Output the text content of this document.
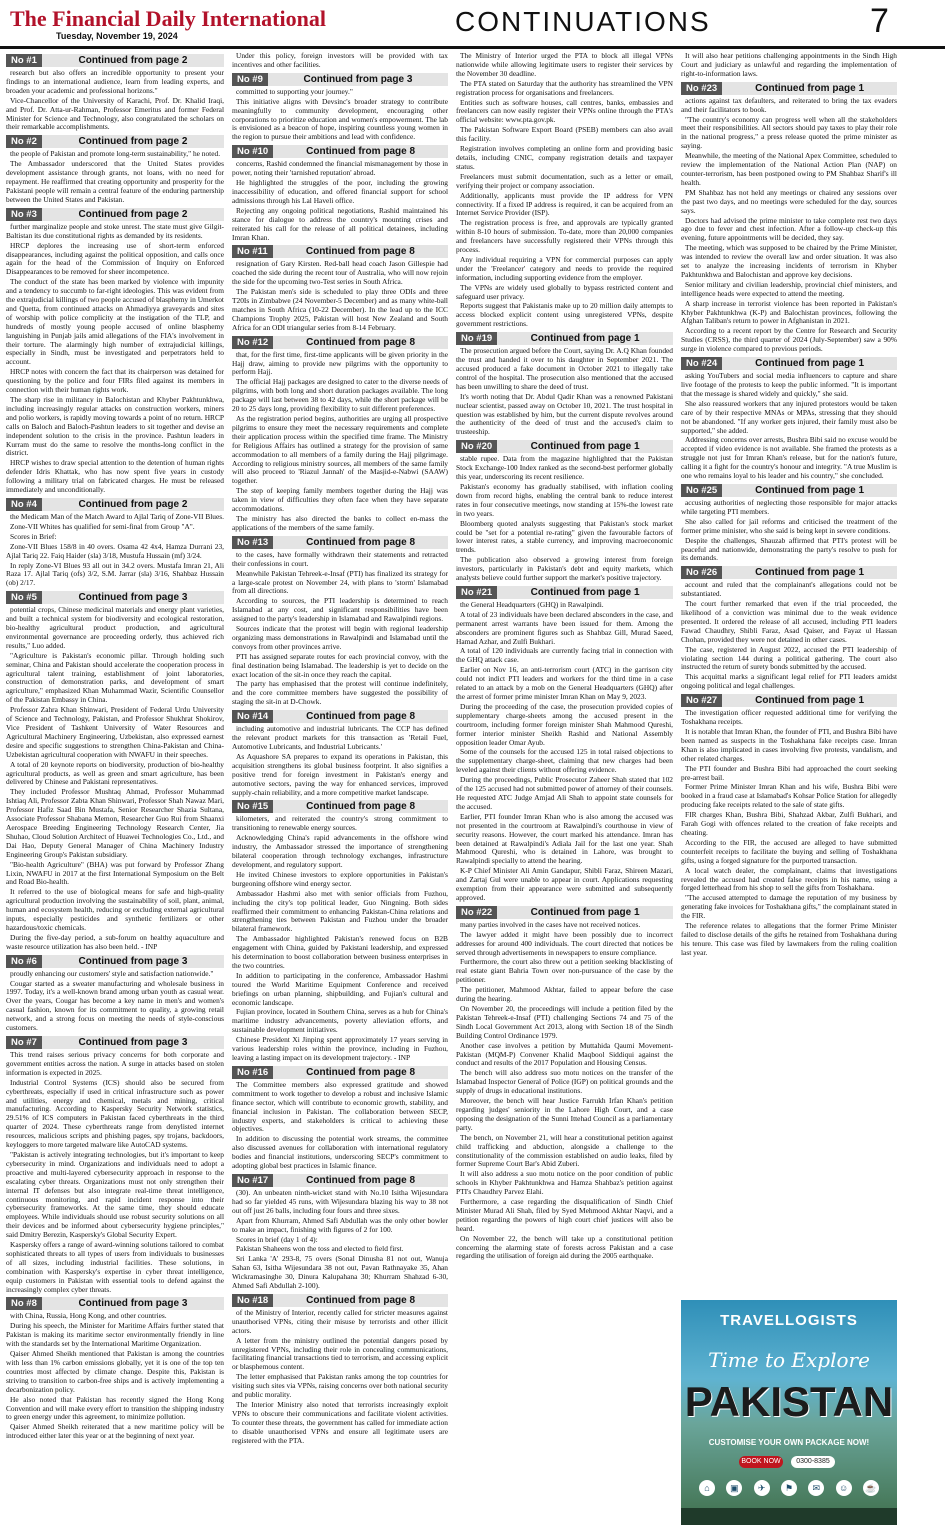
The Financial Daily International
Tuesday, November 19, 2024	CONTINUATIONS	7
No #1	Continued from page 2

research but also offers an incredible opportunity to present your findings to an international audience, learn from leading experts, and broaden your academic and professional horizons."

Vice-Chancellor of the University of Karachi, Prof. Dr. Khalid Iraqi, and Prof. Dr. Atta-ur-Rahman, Professor Emeritus and former Federal Minister for Science and Technology, also congratulated the scholars on their remarkable accomplishments.

No #2	Continued from page 2

the people of Pakistan and promote long-term sustainability," he noted.

The Ambassador underscored that the United States provides development assistance through grants, not loans, with no need for repayment. He reaffirmed that creating opportunity and prosperity for the Pakistani people will remain a central feature of the enduring partnership between the United States and Pakistan.

No #3	Continued from page 2

further marginalize people and stoke unrest. The state must give Gilgit-Baltistan its due constitutional rights as demanded by its residents.

HRCP deplores the increasing use of short-term enforced disappearances, including against the political opposition, and calls once again for the head of the Commission of Inquiry on Enforced Disappearances to be removed for sheer incompetence.

The conduct of the state has been marked by violence with impunity and a tendency to succumb to far-right ideologies. This was evident from the extrajudicial killings of two people accused of blasphemy in Umerkot and Quetta, from continued attacks on Ahmadiyya graveyards and sites of worship with police complicity at the instigation of the TLP, and hundreds of mostly young people accused of online blasphemy languishing in Punjab jails amid allegations of the FIA's involvement in their torture. The alarmingly high number of extrajudicial killings, especially in Sindh, must be investigated and perpetrators held to account.

HRCP notes with concern the fact that its chairperson was detained for questioning by the police and four FIRs filed against its members in connection with their human rights work.

The sharp rise in militancy in Balochistan and Khyber Pakhtunkhwa, including increasingly regular attacks on construction workers, miners and polio workers, is rapidly moving towards a point of no return. HRCP calls on Baloch and Baloch-Pashtun leaders to sit together and devise an independent solution to the crisis in the province. Pashtun leaders in Kurram must do the same to resolve the months-long conflict in the district.

HRCP wishes to draw special attention to the detention of human rights defender Idris Khattak, who has now spent five years in custody following a military trial on fabricated charges. He must be released immediately and unconditionally.

No #4	Continued from page 2

the Medicam Man of the Match Award to Ajlal Tariq of Zone-VII Blues.

Zone-VII Whites has qualified for semi-final from Group "A".

Scores in Brief:

Zone-VII Blues 158/8 in 40 overs. Osama 42 4x4, Hamza Durrani 23, Ajlal Tariq 22. Faiq Haider (sla) 3/18, Mustufa Hussain (mf) 3/24.

In reply Zone-VI Blues 93 all out in 34.2 overs. Mustafa Imran 21, Ali Raza 17. Ajlal Tariq (ofs) 3/2, S.M. Jarrar (sla) 3/16, Shahbaz Hussain (ob) 2/17.

No #5	Continued from page 3

potential crops, Chinese medicinal materials and energy plant varieties, and built a technical system for biodiversity and ecological restoration, bio-healthy agricultural product production, and agricultural environmental governance are proceeding orderly, thus achieved rich results," Luo added.

"Agriculture is Pakistan's economic pillar. Through holding such seminar, China and Pakistan should accelerate the cooperation process in agricultural talent training, establishment of joint laboratories, construction of demonstration parks, and development of smart agriculture," emphasized Khan Muhammad Wazir, Scientific Counsellor of the Pakistan Embassy in China.

Professor Zahra Khan Shinwari, President of Federal Urdu University of Science and Technology, Pakistan, and Professor Shukhrat Shokirov, Vice President of Tashkent University of Water Resources and Agricultural Machinery Engineering, Uzbekistan, also expressed earnest desire and specific suggestions to strengthen China-Pakistan and China-Uzbekistan agricultural cooperation with NWAFU in their speeches.

A total of 20 keynote reports on biodiversity, production of bio-healthy agricultural products, as well as green and smart agriculture, has been delivered by Chinese and Pakistani representatives.

They included Professor Mushtaq Ahmad, Professor Muhammad Ishtiaq Ali, Professor Zabta Khan Shinwari, Professor Shah Nawaz Mari, Professor Hafiz Saad Bin Mustafa, Senior Researcher Shazia Sultana, Associate Professor Shabana Memon, Researcher Guo Rui from Shaanxi Aerospace Breeding Engineering Technology Research Center, Jia Shuhao, Cloud Solution Architect of Huawei Technologies Co., Ltd., and Dai Hao, Deputy General Manager of China Machinery Industry Engineering Group's Pakistan subsidiary.

"Bio-health Agriculture" (BHA) was put forward by Professor Zhang Lixin, NWAFU in 2017 at the first International Symposium on the Belt and Road Bio-health.

It referred to the use of biological means for safe and high-quality agricultural production involving the sustainability of soil, plant, animal, human and ecosystem health, reducing or excluding external agricultural inputs, especially pesticides and synthetic fertilizers or other hazardous/toxic chemicals.

During the five-day period, a sub-forum on healthy aquaculture and waste resource utilization has also been held. - INP

No #6	Continued from page 3

proudly enhancing our customers' style and satisfaction nationwide."

Cougar started as a sweater manufacturing and wholesale business in 1997. Today, it's a well-known brand among urban youth as casual wear. Over the years, Cougar has become a key name in men's and women's casual fashion, known for its commitment to quality, a growing retail network, and a strong focus on meeting the needs of style-conscious customers.

No #7	Continued from page 3

This trend raises serious privacy concerns for both corporate and government entities across the nation. A surge in attacks based on stolen information is expected in 2025.

Industrial Control Systems (ICS) should also be secured from cyberthreats, especially if used in critical infrastructure such as power and utilities, energy and chemical, metals and mining, critical manufacturing. According to Kaspersky Security Network statistics, 29.51% of ICS computers in Pakistan faced cyberthreats in the third quarter of 2024. These cyberthreats range from denylisted internet resources, malicious scripts and phishing pages, spy trojans, backdoors, keyloggers to more targeted malware like AutoCAD systems.

"Pakistan is actively integrating technologies, but it's important to keep cybersecurity in mind. Organizations and individuals need to adopt a proactive and multi-layered cybersecurity approach in response to the escalating cyber threats. Organizations must not only strengthen their internal IT defenses but also integrate real-time threat intelligence, continuous monitoring, and rapid incident response into their cybersecurity frameworks. At the same time, they should educate employees. While individuals should use robust security solutions on all their devices and be informed about cybersecurity hygiene principles," said Dmitry Berezin, Kaspersky's Global Security Expert.

Kaspersky offers a range of award-winning solutions tailored to combat sophisticated threats to all types of users from individuals to businesses of all sizes, including industrial facilities. These solutions, in combination with Kaspersky's expertise in cyber threat intelligence, equip customers in Pakistan with essential tools to defend against the increasingly complex cyber threats.

No #8	Continued from page 3

with China, Russia, Hong Kong, and other countries.

During his speech, the Minister for Maritime Affairs further stated that Pakistan is making its maritime sector environmentally friendly in line with the standards set by the International Maritime Organization.

Qaiser Ahmed Sheikh mentioned that Pakistan is among the countries with less than 1% carbon emissions globally, yet it is one of the top ten countries most affected by climate change. Despite this, Pakistan is striving to transition to carbon-free ships and is actively implementing a decarbonization policy.

He also noted that Pakistan has recently signed the Hong Kong Convention and will make every effort to transition the shipping industry to green energy under this agreement, to minimize pollution.

Qaiser Ahmed Sheikh reiterated that a new maritime policy will be introduced either later this year or at the beginning of next year.

Under this policy, foreign investors will be provided with tax incentives and other facilities.

No #9	Continued from page 3

committed to supporting your journey."

This initiative aligns with Devsinc's broader strategy to contribute meaningfully to community development, encouraging other corporations to prioritize education and women's empowerment. The lab is envisioned as a beacon of hope, inspiring countless young women in the region to pursue their ambitions and lead with confidence.

No #10	Continued from page 8

concerns, Rashid condemned the financial mismanagement by those in power, noting their 'tarnished reputation' abroad.

He highlighted the struggles of the poor, including the growing inaccessibility of education, and offered financial support for school admissions through his Lal Haveli office.

Rejecting any ongoing political negotiations, Rashid maintained his stance for dialogue to address the country's mounting crises and reiterated his call for the release of all political detainees, including Imran Khan.

No #11	Continued from page 8

resignation of Gary Kirsten. Red-ball head coach Jason Gillespie had coached the side during the recent tour of Australia, who will now rejoin the side for the upcoming two-Test series in South Africa.

The Pakistan men's side is scheduled to play three ODIs and three T20Is in Zimbabwe (24 November-5 December) and as many white-ball matches in South Africa (10-22 December). In the lead up to the ICC Champions Trophy 2025, Pakistan will host New Zealand and South Africa for an ODI triangular series from 8-14 February.

No #12	Continued from page 8

that, for the first time, first-time applicants will be given priority in the Hajj draw, aiming to provide new pilgrims with the opportunity to perform Hajj.

The official Hajj packages are designed to cater to the diverse needs of pilgrims, with both long and short duration packages available. The long package will last between 38 to 42 days, while the short package will be 20 to 25 days long, providing flexibility to suit different preferences.

As the registration period begins, authorities are urging all prospective pilgrims to ensure they meet the necessary requirements and complete their application process within the specified time frame. The Ministry for Religious Affairs has outlined a strategy for the provision of same accommodation to all members of a family during the Hajj pilgrimage. According to religious ministry sources, all members of the same family will also proceed to 'Riazul Jannah' of the Masjid-e-Nabwi (SAAW) together.

The step of keeping family members together during the Hajj was taken in view of difficulties they often face when they have separate accommodations.

The ministry has also directed the banks to collect en-mass the applications of the members of the same family.

No #13	Continued from page 8

to the cases, have formally withdrawn their statements and retracted their confessions in court.

Meanwhile Pakistan Tehreek-e-Insaf (PTI) has finalized its strategy for a large-scale protest on November 24, with plans to 'storm' Islamabad from all directions.

According to sources, the PTI leadership is determined to reach Islamabad at any cost, and significant responsibilities have been assigned to the party's leadership in Islamabad and Rawalpindi regions.

Sources indicate that the protest will begin with regional leadership organizing mass demonstrations in Rawalpindi and Islamabad until the convoys from other provinces arrive.

PTI has assigned separate routes for each provincial convoy, with the final destination being Islamabad. The leadership is yet to decide on the exact location of the sit-in once they reach the capital.

The party has emphasised that the protest will continue indefinitely, and the core committee members have suggested the possibility of staging the sit-in at D-Chowk.

No #14	Continued from page 8

including automotive and industrial lubricants. The CCP has defined the relevant product markets for this transaction as 'Retail Fuel, Automotive Lubricants, and Industrial Lubricants.'

As Aquashore SA prepares to expand its operations in Pakistan, this acquisition strengthens its global business footprint. It also signifies a positive trend for foreign investment in Pakistan's energy and automotive sectors, paving the way for enhanced services, improved supply-chain reliability, and a more competitive market landscape.

No #15	Continued from page 8

kilometers, and reiterated the country's strong commitment to transitioning to renewable energy sources.

Acknowledging China's rapid advancements in the offshore wind industry, the Ambassador stressed the importance of strengthening bilateral cooperation through technology exchanges, infrastructure development, and regulatory support.

He invited Chinese investors to explore opportunities in Pakistan's burgeoning offshore wind energy sector.

Ambassador Hashmi also met with senior officials from Fuzhou, including the city's top political leader, Guo Ningning. Both sides reaffirmed their commitment to enhancing Pakistan-China relations and strengthening ties between Pakistan and Fuzhou under the broader bilateral framework.

The Ambassador highlighted Pakistan's renewed focus on B2B engagement with China, guided by Pakistani leadership, and expressed his determination to boost collaboration between business enterprises in the two countries.

In addition to participating in the conference, Ambassador Hashmi toured the World Maritime Equipment Conference and received briefings on urban planning, shipbuilding, and Fujian's cultural and economic landscape.

Fujian province, located in Southern China, serves as a hub for China's maritime industry advancements, poverty alleviation efforts, and sustainable development initiatives.

Chinese President Xi Jinping spent approximately 17 years serving in various leadership roles within the province, including in Fuzhou, leaving a lasting impact on its development trajectory. - INP

No #16	Continued from page 8

The Committee members also expressed gratitude and showed commitment to work together to develop a robust and inclusive Islamic finance sector, which will contribute to economic growth, stability, and financial inclusion in Pakistan. The collaboration between SECP, industry experts, and stakeholders is critical to achieving these objectives.

In addition to discussing the potential work streams, the committee also discussed avenues for collaboration with international regulatory bodies and financial institutions, underscoring SECP's commitment to adopting global best practices in Islamic finance.

No #17	Continued from page 8

(30). An unbeaten ninth-wicket stand with No.10 Isitha Wijesundara had so far yielded 45 runs, with Wijesundara blazing his way to 38 not out off just 26 balls, including four fours and three sixes.

Apart from Khurram, Ahmed Safi Abdullah was the only other bowler to make an impact, finishing with figures of 2 for 100.

Scores in brief (day 1 of 4):

Pakistan Shaheens won the toss and elected to field first.

Sri Lanka 'A' 293-8, 75 overs (Sonal Dinusha 81 not out, Wanuja Sahan 63, Isitha Wijesundara 38 not out, Pavan Rathnayake 35, Ahan Wickramasinghe 30, Dinura Kalupahana 30; Khurram Shahzad 6-30, Ahmed Safi Abdullah 2-100).

No #18	Continued from page 8

of the Ministry of Interior, recently called for stricter measures against unauthorised VPNs, citing their misuse by terrorists and other illicit actors.

A letter from the ministry outlined the potential dangers posed by unregistered VPNs, including their role in concealing communications, facilitating financial transactions tied to terrorism, and accessing explicit or blasphemous content.

The letter emphasised that Pakistan ranks among the top countries for visiting such sites via VPNs, raising concerns over both national security and public morality.

The Interior Ministry also noted that terrorists increasingly exploit VPNs to obscure their communications and facilitate violent activities. To counter these threats, the government has called for immediate action to disable unauthorised VPNs and ensure all legitimate users are registered with the PTA.

The Ministry of Interior urged the PTA to block all illegal VPNs nationwide while allowing legitimate users to register their services by the November 30 deadline.

The PTA stated on Saturday that the authority has streamlined the VPN registration process for organisations and freelancers.

Entities such as software houses, call centres, banks, embassies and freelancers can now easily register their VPNs online through the PTA's official website: www.pta.gov.pk.

The Pakistan Software Export Board (PSEB) members can also avail this facility.

Registration involves completing an online form and providing basic details, including CNIC, company registration details and taxpayer status.

Freelancers must submit documentation, such as a letter or email, verifying their project or company association.

Additionally, applicants must provide the IP address for VPN connectivity. If a fixed IP address is required, it can be acquired from an Internet Service Provider (ISP).

The registration process is free, and approvals are typically granted within 8-10 hours of submission. To-date, more than 20,000 companies and freelancers have successfully registered their VPNs through this process.

Any individual requiring a VPN for commercial purposes can apply under the 'Freelancer' category and needs to provide the required information, including supporting evidence from the employer.

The VPNs are widely used globally to bypass restricted content and safeguard user privacy.

Reports suggest that Pakistanis make up to 20 million daily attempts to access blocked explicit content using unregistered VPNs, despite government restrictions.

No #19	Continued from page 1

The prosecution argued before the Court, saying Dr. A.Q Khan founded the trust and handed it over to his daughter in September 2021. The accused produced a fake document in October 2021 to illegally take control of the hospital. The prosecution also mentioned that the accused has been unwilling to share the deed of trust.

It's worth noting that Dr. Abdul Qadir Khan was a renowned Pakistani nuclear scientist, passed away on October 10, 2021. The trust hospital in question was established by him, but the current dispute revolves around the authenticity of the deed of trust and the accused's claim to trusteeship.

No #20	Continued from page 1

stable rupee. Data from the magazine highlighted that the Pakistan Stock Exchange-100 Index ranked as the second-best performer globally this year, underscoring its recent resilience.

Pakistan's economy has gradually stabilised, with inflation cooling down from record highs, enabling the central bank to reduce interest rates in four consecutive meetings, now standing at 15%-the lowest rate in two years.

Bloomberg quoted analysts suggesting that Pakistan's stock market could be "set for a potential re-rating" given the favourable factors of lower interest rates, a stable currency, and improving macroeconomic trends.

The publication also observed a growing interest from foreign investors, particularly in Pakistan's debt and equity markets, which analysts believe could further support the market's positive trajectory.

No #21	Continued from page 1

the General Headquarters (GHQ) in Rawalpindi.

A total of 23 individuals have been declared absconders in the case, and permanent arrest warrants have been issued for them. Among the absconders are prominent figures such as Shahbaz Gill, Murad Saeed, Hamad Azhar, and Zulfi Bukhari.

A total of 120 individuals are currently facing trial in connection with the GHQ attack case.

Earlier on Nov 16, an anti-terrorism court (ATC) in the garrison city could not indict PTI leaders and workers for the third time in a case related to an attack by a mob on the General Headquarters (GHQ) after the arrest of former prime minister Imran Khan on May 9, 2023.

During the proceeding of the case, the prosecution provided copies of supplementary charge-sheets among the accused present in the courtroom, including former foreign minister Shah Mahmood Qureshi, former interior minister Sheikh Rashid and National Assembly opposition leader Omar Ayub.

Some of the counsels for the accused 125 in total raised objections to the supplementary charge-sheet, claiming that new charges had been leveled against their clients without offering evidence.

During the proceedings, Public Prosecutor Zaheer Shah stated that 102 of the 125 accused had not submitted power of attorney of their counsels. He requested ATC Judge Amjad Ali Shah to appoint state counsels for the accused.

Earlier, PTI founder Imran Khan who is also among the accused was not presented in the courtroom at Rawalpindi's courthouse in view of security reasons. However, the court marked his attendance. Imran has been detained at Rawalpindi's Adiala Jail for the last one year. Shah Mahmood Qureshi, who is detained in Lahore, was brought to Rawalpindi specially to attend the hearing.

K-P Chief Minister Ali Amin Gandapur, Shibli Faraz, Shireen Mazari, and Zartaj Gul were unable to appear in court. Applications requesting exemption from their appearance were submitted and subsequently approved.

No #22	Continued from page 1

many parties involved in the cases have not received notices.

The lawyer added it might have been possibly due to incorrect addresses for around 400 individuals. The court directed that notices be served through advertisements in newspapers to ensure compliance.

Furthermore, the court also threw out a petition seeking blacklisting of real estate giant Bahria Town over non-pursuance of the case by the petitioner.

The petitioner, Mahmood Akhtar, failed to appear before the case during the hearing.

On November 20, the proceedings will include a petition filed by the Pakistan Tehreek-e-Insaf (PTI) challenging Sections 74 and 75 of the Sindh Local Government Act 2013, along with Section 18 of the Sindh Building Control Ordinance 1979.

Another case involves a petition by Muttahida Qaumi Movement-Pakistan (MQM-P) Convener Khalid Maqbool Siddiqui against the conduct and results of the 2017 Population and Housing Census.

The bench will also address suo motu notices on the transfer of the Islamabad Inspector General of Police (IGP) on political grounds and the supply of drugs in educational institutions.

Moreover, the bench will hear Justice Farrukh Irfan Khan's petition regarding judges' seniority in the Lahore High Court, and a case opposing the designation of the Sunni Ittehad Council as a parliamentary party.

The bench, on November 21, will hear a constitutional petition against child trafficking and abduction, alongside a challenge to the constitutionality of the commission established on audio leaks, filed by former Supreme Court Bar's Abid Zuberi.

It will also address a suo motu notice on the poor condition of public schools in Khyber Pakhtunkhwa and Hamza Shahbaz's petition against PTI's Chaudhry Parvez Elahi.

Furthermore, a case regarding the disqualification of Sindh Chief Minister Murad Ali Shah, filed by Syed Mehmood Akhtar Naqvi, and a petition regarding the powers of high court chief justices will also be heard.

On November 22, the bench will take up a constitutional petition concerning the alarming state of forests across Pakistan and a case regarding the utilisation of foreign aid during the 2005 earthquake.

It will also hear petitions challenging appointments in the Sindh High Court and judiciary as unlawful and regarding the implementation of right-to-information laws.

No #23	Continued from page 1

actions against tax defaulters, and reiterated to bring the tax evaders and their facilitators to book.

"The country's economy can progress well when all the stakeholders meet their responsibilities. All sectors should pay taxes to play their role in the national progress," a press release quoted the prime minister as saying.

Meanwhile, the meeting of the National Apex Committee, scheduled to review the implementation of the National Action Plan (NAP) on counter-terrorism, has been postponed owing to PM Shahbaz Sharif's ill health.

PM Shahbaz has not held any meetings or chaired any sessions over the past two days, and no meetings were scheduled for the day, sources says.

Doctors had advised the prime minister to take complete rest two days ago due to fever and chest infection. After a follow-up check-up this evening, future appointments will be decided, they say.

The meeting, which was supposed to be chaired by the Prime Minister, was intended to review the overall law and order situation. It was also set to analyze the increasing incidents of terrorism in Khyber Pakhtunkhwa and Balochistan and approve key decisions.

Senior military and civilian leadership, provincial chief ministers, and intelligence heads were expected to attend the meeting.

A sharp increase in terrorist violence has been reported in Pakistan's Khyber Pakhtunkhwa (K-P) and Balochistan provinces, following the Afghan Taliban's return to power in Afghanistan in 2021.

According to a recent report by the Centre for Research and Security Studies (CRSS), the third quarter of 2024 (July-September) saw a 90% surge in violence compared to previous periods.

No #24	Continued from page 1

asking YouTubers and social media influencers to capture and share live footage of the protests to keep the public informed. "It is important that the message is shared widely and quickly," she said.

She also reassured workers that any injured protestors would be taken care of by their respective MNAs or MPAs, stressing that they should not be abandoned. "If any worker gets injured, their family must also be supported," she added.

Addressing concerns over arrests, Bushra Bibi said no excuse would be accepted if video evidence is not available. She framed the protests as a struggle not just for Imran Khan's release, but for the nation's future, calling it a fight for the country's honour and integrity. "A true Muslim is one who remains loyal to his leader and his country," she concluded.

No #25	Continued from page 1

accusing authorities of neglecting those responsible for major attacks while targeting PTI members.

She also called for jail reforms and criticised the treatment of the former prime minister, who she said is being kept in severe conditions.

Despite the challenges, Shauzab affirmed that PTI's protest will be peaceful and nationwide, demonstrating the party's resolve to push for its demands.

No #26	Continued from page 1

account and ruled that the complainant's allegations could not be substantiated.

The court further remarked that even if the trial proceeded, the likelihood of a conviction was minimal due to the weak evidence presented. It ordered the release of all accused, including PTI leaders Fawad Chaudhry, Shibli Faraz, Asad Qaiser, and Fayaz ul Hassan Chohan, provided they were not detained in other cases.

The case, registered in August 2022, accused the PTI leadership of violating section 144 during a political gathering. The court also instructed the return of surety bonds submitted by the accused.

This acquittal marks a significant legal relief for PTI leaders amidst ongoing political and legal challenges.

No #27	Continued from page 1

The investigation officer requested additional time for verifying the Toshakhana receipts.

It is notable that Imran Khan, the founder of PTI, and Bushra Bibi have been named as suspects in the Toshakhana fake receipts case. Imran Khan is also implicated in cases involving five protests, vandalism, and other related charges.

The PTI founder and Bushra Bibi had approached the court seeking pre-arrest bail.

Former Prime Minister Imran Khan and his wife, Bushra Bibi were booked in a fraud case at Islamabad's Kohsar Police Station for allegedly producing fake receipts related to the sale of state gifts.

FIR charges Khan, Bushra Bibi, Shahzad Akbar, Zulfi Bukhari, and Farah Gogi with offences related to the creation of fake receipts and cheating.

According to the FIR, the accused are alleged to have submitted counterfeit receipts to facilitate the buying and selling of Toshakhana gifts, using a forged signature for the purported transaction.

A local watch dealer, the complainant, claims that investigations revealed the accused had created false receipts in his name, using a forged letterhead from his shop to sell the gifts from Toshakhana.

"The accused attempted to damage the reputation of my business by generating fake invoices for Toshakhana gifts," the complainant stated in the FIR.

The reference relates to allegations that the former Prime Minister failed to disclose details of the gifts he retained from Toshakhana during his tenure. This case was filed by lawmakers from the ruling coalition last year.

TRAVELLOGISTS
Time to Explore
PAKISTAN
CUSTOMISE YOUR OWN PACKAGE NOW!
BOOK NOW	0300-8385
⌂	▣	✈	⚑	✉	☺	☕
